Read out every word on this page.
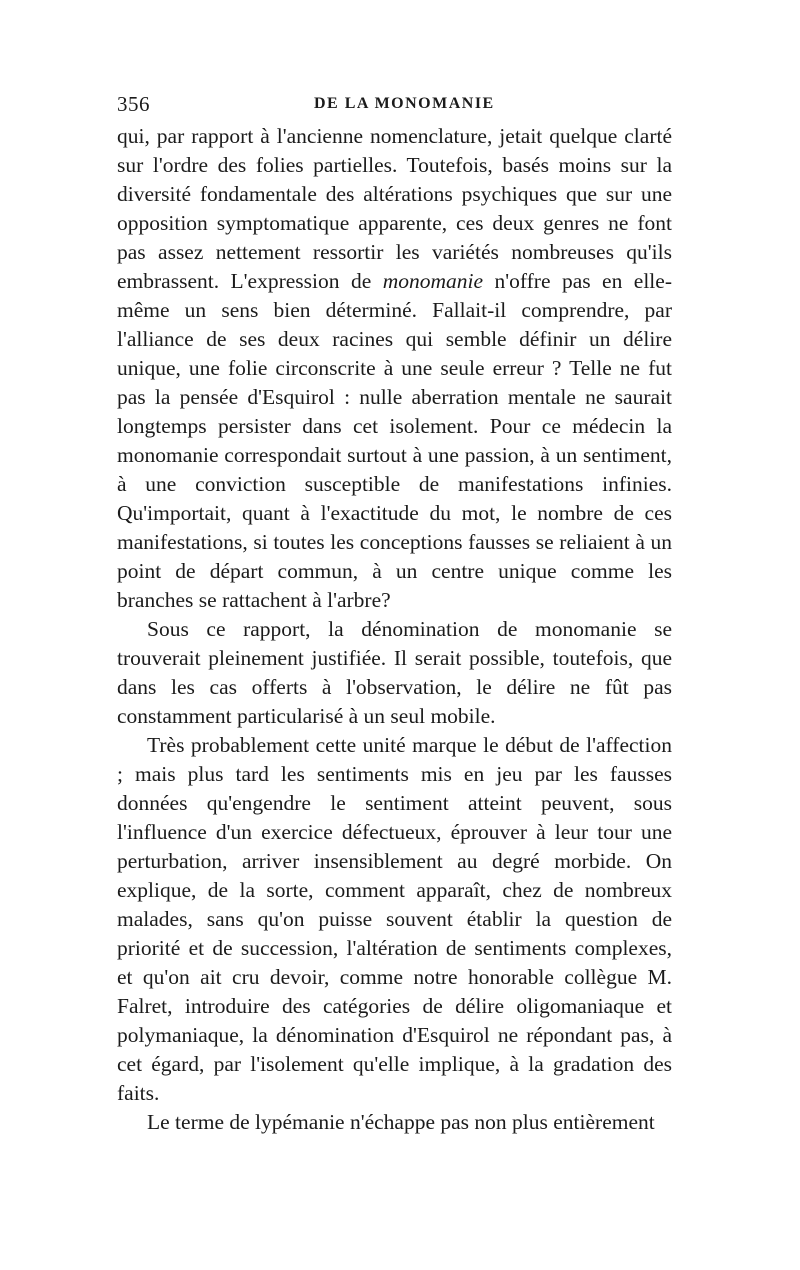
356	DE LA MONOMANIE

qui, par rapport à l'ancienne nomenclature, jetait quelque clarté sur l'ordre des folies partielles. Toutefois, basés moins sur la diversité fondamentale des altérations psychiques que sur une opposition symptomatique apparente, ces deux genres ne font pas assez nettement ressortir les variétés nombreuses qu'ils embrassent. L'expression de monomanie n'offre pas en elle-même un sens bien déterminé. Fallait-il comprendre, par l'alliance de ses deux racines qui semble définir un délire unique, une folie circonscrite à une seule erreur ? Telle ne fut pas la pensée d'Esquirol : nulle aberration mentale ne saurait longtemps persister dans cet isolement. Pour ce médecin la monomanie correspondait surtout à une passion, à un sentiment, à une conviction susceptible de manifestations infinies. Qu'importait, quant à l'exactitude du mot, le nombre de ces manifestations, si toutes les conceptions fausses se reliaient à un point de départ commun, à un centre unique comme les branches se rattachent à l'arbre?

Sous ce rapport, la dénomination de monomanie se trouverait pleinement justifiée. Il serait possible, toutefois, que dans les cas offerts à l'observation, le délire ne fût pas constamment particularisé à un seul mobile.

Très probablement cette unité marque le début de l'affection ; mais plus tard les sentiments mis en jeu par les fausses données qu'engendre le sentiment atteint peuvent, sous l'influence d'un exercice défectueux, éprouver à leur tour une perturbation, arriver insensiblement au degré morbide. On explique, de la sorte, comment apparaît, chez de nombreux malades, sans qu'on puisse souvent établir la question de priorité et de succession, l'altération de sentiments complexes, et qu'on ait cru devoir, comme notre honorable collègue M. Falret, introduire des catégories de délire oligomaniaque et polymaniaque, la dénomination d'Esquirol ne répondant pas, à cet égard, par l'isolement qu'elle implique, à la gradation des faits.

Le terme de lypémanie n'échappe pas non plus entièrement
